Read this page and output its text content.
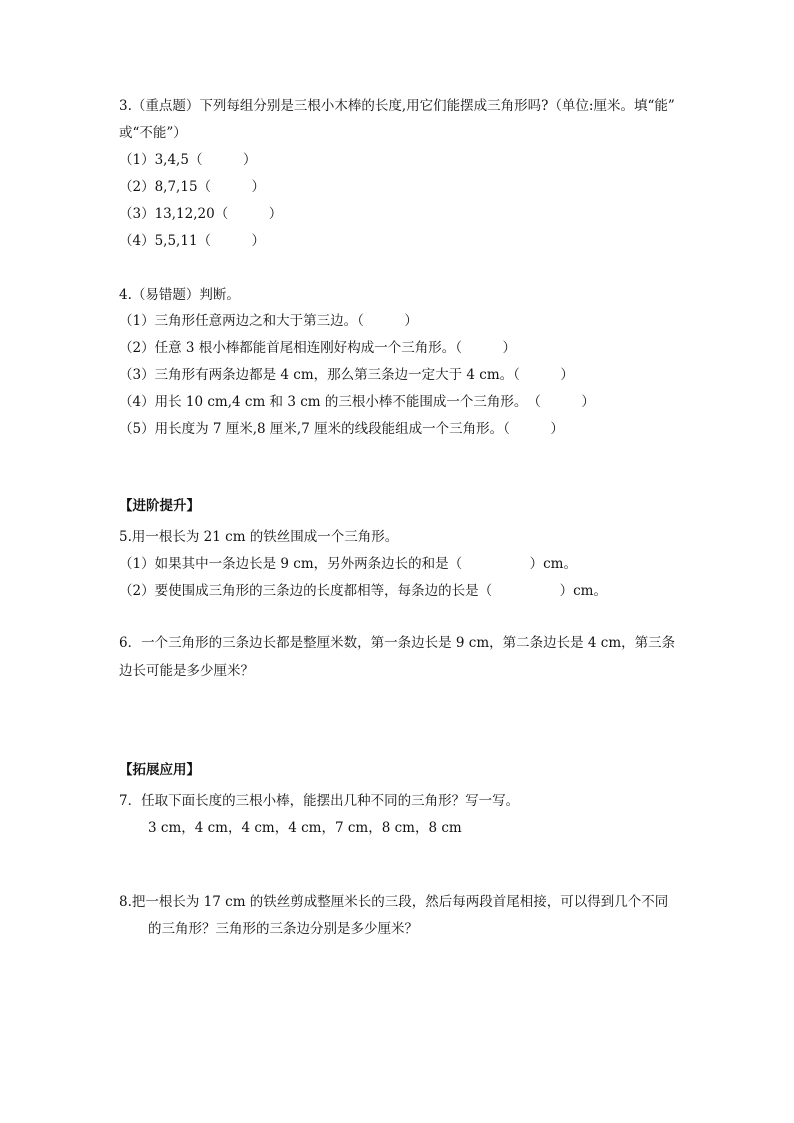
3.（重点题）下列每组分别是三根小木棒的长度,用它们能摆成三角形吗?（单位:厘米。填“能”
或“不能”）
（1）3,4,5（　　　）
（2）8,7,15（　　　）
（3）13,12,20（　　　）
（4）5,5,11（　　　）
4.（易错题）判断。
（1）三角形任意两边之和大于第三边。（　　　）
（2）任意 3 根小棒都能首尾相连刚好构成一个三角形。（　　　）
（3）三角形有两条边都是 4 cm，那么第三条边一定大于 4 cm。（　　　）
（4）用长 10 cm,4 cm 和 3 cm 的三根小棒不能围成一个三角形。　（　　　）
（5）用长度为 7 厘米,8 厘米,7 厘米的线段能组成一个三角形。（　　　）
【进阶提升】
5.用一根长为 21 cm 的铁丝围成一个三角形。
（1）如果其中一条边长是 9 cm，另外两条边长的和是（　　　　　）cm。
（2）要使围成三角形的三条边的长度都相等，每条边的长是（　　　　　）cm。
6．一个三角形的三条边长都是整厘米数，第一条边长是 9 cm，第二条边长是 4 cm，第三条
边长可能是多少厘米？
【拓展应用】
7．任取下面长度的三根小棒，能摆出几种不同的三角形？写一写。
3 cm，4 cm，4 cm，4 cm，7 cm，8 cm，8 cm
8.把一根长为 17 cm 的铁丝剪成整厘米长的三段，然后每两段首尾相接，可以得到几个不同
的三角形？三角形的三条边分别是多少厘米？
